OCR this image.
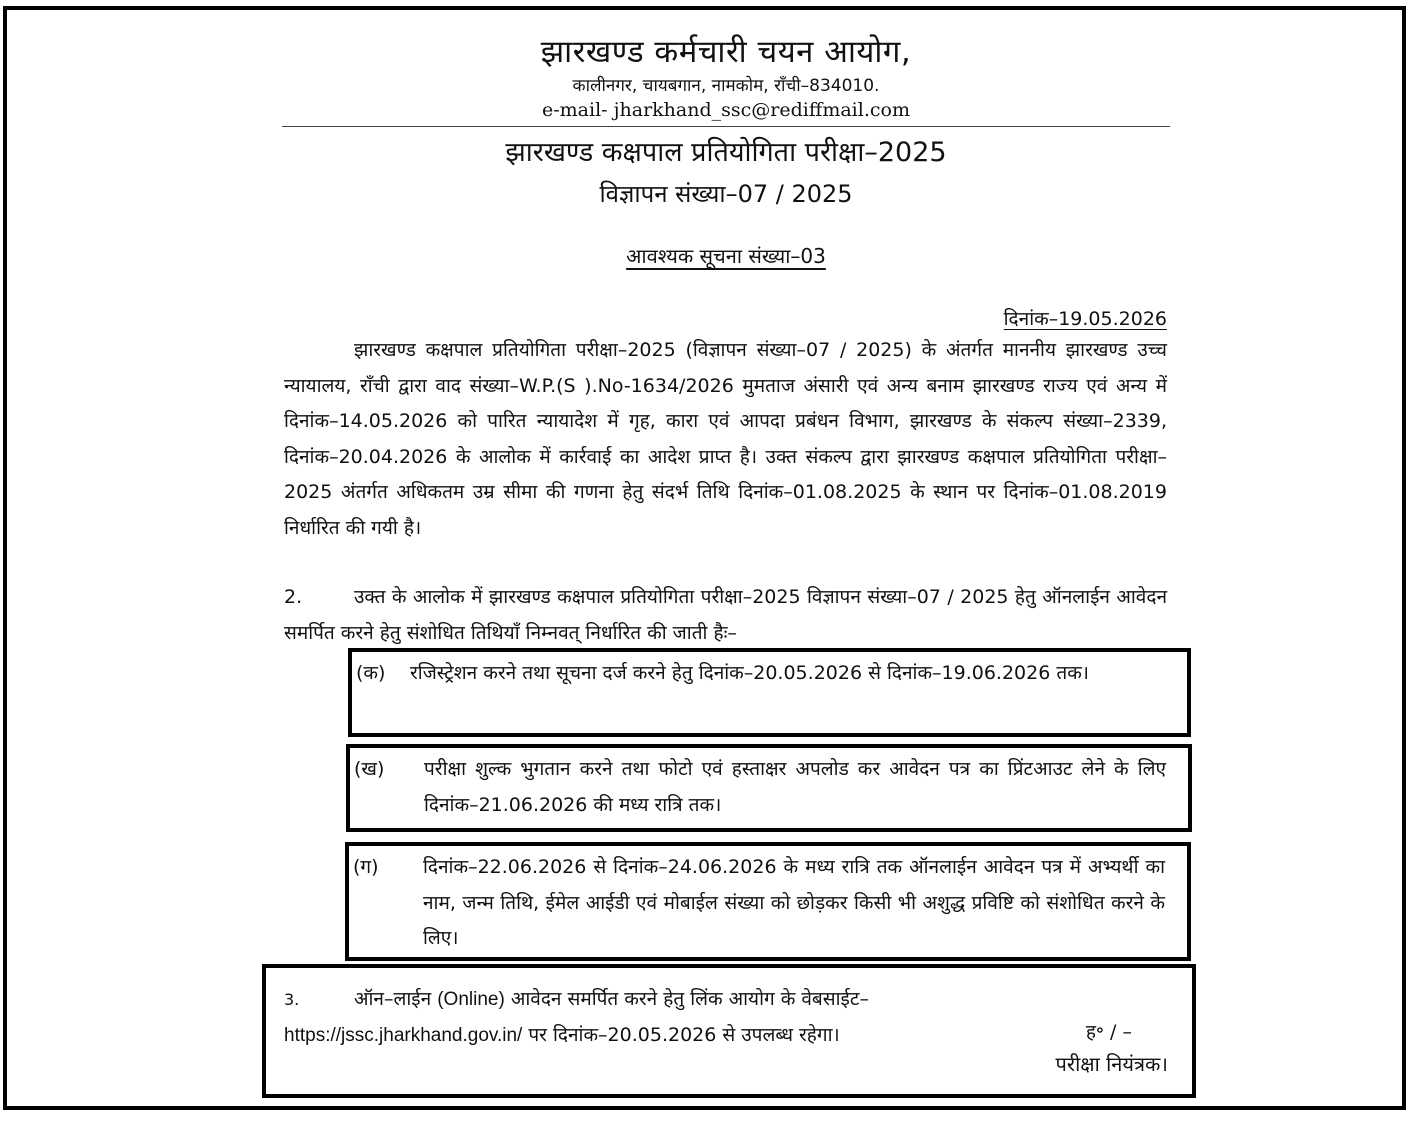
झारखण्ड कर्मचारी चयन आयोग,
कालीनगर, चायबगान, नामकोम, राँची–834010.
e-mail- jharkhand_ssc@rediffmail.com
झारखण्ड कक्षपाल प्रतियोगिता परीक्षा–2025
विज्ञापन संख्या–07 / 2025
आवश्यक सूचना संख्या–03
दिनांक–19.05.2026
झारखण्ड कक्षपाल प्रतियोगिता परीक्षा–2025 (विज्ञापन संख्या–07 / 2025) के अंतर्गत माननीय झारखण्ड उच्च न्यायालय, राँची द्वारा वाद संख्या–W.P.(S ).No-1634/2026 मुमताज अंसारी एवं अन्य बनाम झारखण्ड राज्य एवं अन्य में दिनांक–14.05.2026 को पारित न्यायादेश में गृह, कारा एवं आपदा प्रबंधन विभाग, झारखण्ड के संकल्प संख्या–2339, दिनांक–20.04.2026 के आलोक में कार्रवाई का आदेश प्राप्त है। उक्त संकल्प द्वारा झारखण्ड कक्षपाल प्रतियोगिता परीक्षा–2025 अंतर्गत अधिकतम उम्र सीमा की गणना हेतु संदर्भ तिथि दिनांक–01.08.2025 के स्थान पर दिनांक–01.08.2019 निर्धारित की गयी है।
2.	उक्त के आलोक में झारखण्ड कक्षपाल प्रतियोगिता परीक्षा–2025 विज्ञापन संख्या–07 / 2025 हेतु ऑनलाईन आवेदन समर्पित करने हेतु संशोधित तिथियाँ निम्नवत् निर्धारित की जाती हैः–
(क) रजिस्ट्रेशन करने तथा सूचना दर्ज करने हेतु दिनांक–20.05.2026 से दिनांक–19.06.2026 तक।
(ख) परीक्षा शुल्क भुगतान करने तथा फोटो एवं हस्ताक्षर अपलोड कर आवेदन पत्र का प्रिंटआउट लेने के लिए दिनांक–21.06.2026 की मध्य रात्रि तक।
(ग) दिनांक–22.06.2026 से दिनांक–24.06.2026 के मध्य रात्रि तक ऑनलाईन आवेदन पत्र में अभ्यर्थी का नाम, जन्म तिथि, ईमेल आईडी एवं मोबाईल संख्या को छोड़कर किसी भी अशुद्ध प्रविष्टि को संशोधित करने के लिए।
3.	ऑन–लाईन (Online) आवेदन समर्पित करने हेतु लिंक आयोग के वेबसाईट–
https://jssc.jharkhand.gov.in/ पर दिनांक–20.05.2026 से उपलब्ध रहेगा।	ह॰ / –
परीक्षा नियंत्रक।
